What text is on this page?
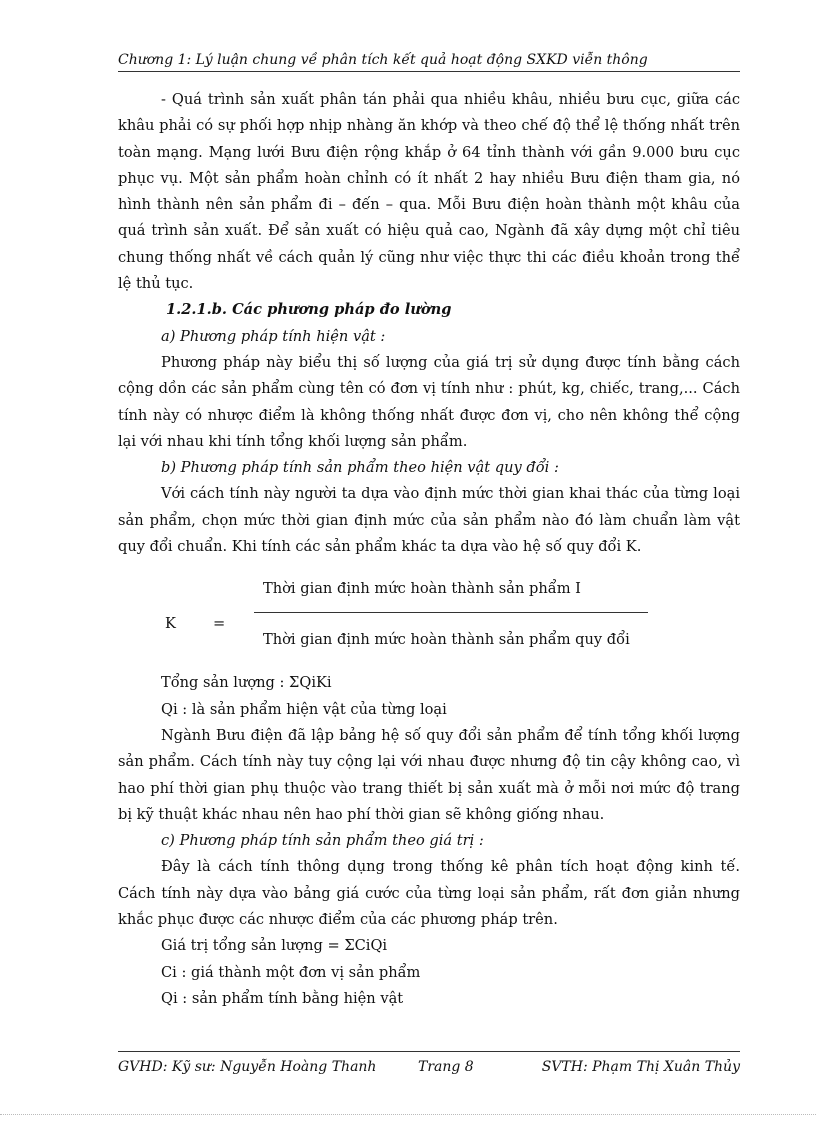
Chương 1: Lý luận chung về phân tích kết quả hoạt động SXKD viễn thông

- Quá trình sản xuất phân tán phải qua nhiều khâu, nhiều bưu cục, giữa các khâu phải có sự phối hợp nhịp nhàng ăn khớp và theo chế độ thể lệ thống nhất trên toàn mạng. Mạng lưới Bưu điện rộng khắp ở 64 tỉnh thành với gần 9.000 bưu cục phục vụ. Một sản phẩm hoàn chỉnh có ít nhất 2 hay nhiều Bưu điện tham gia, nó hình thành nên sản phẩm đi – đến – qua. Mỗi Bưu điện hoàn thành một khâu của quá trình sản xuất. Để sản xuất có hiệu quả cao, Ngành đã xây dựng một chỉ tiêu chung thống nhất về cách quản lý cũng như việc thực thi các điều khoản trong thể lệ thủ tục.

1.2.1.b. Các phương pháp đo lường

a) Phương pháp tính hiện vật :

Phương pháp này biểu thị số lượng của giá trị sử dụng được tính bằng cách cộng dồn các sản phẩm cùng tên có đơn vị tính như : phút, kg, chiếc, trang,... Cách tính này có nhược điểm là không thống nhất được đơn vị, cho nên không thể cộng lại với nhau khi tính tổng khối lượng sản phẩm.

b) Phương pháp tính sản phẩm theo hiện vật quy đổi :

Với cách tính này người ta dựa vào định mức thời gian khai thác của từng loại sản phẩm, chọn mức thời gian định mức của sản phẩm nào đó làm chuẩn làm vật quy đổi chuẩn. Khi tính các sản phẩm khác ta dựa vào hệ số quy đổi K.

K	=
Thời gian định mức hoàn thành sản phẩm I
Thời gian định mức hoàn thành sản phẩm quy đổi

Tổng sản lượng : ΣQiKi

Qi : là sản phẩm hiện vật của từng loại

Ngành Bưu điện đã lập bảng hệ số quy đổi sản phẩm để tính tổng khối lượng sản phẩm. Cách tính này tuy cộng lại với nhau được nhưng độ tin cậy không cao, vì hao phí thời gian phụ thuộc vào trang thiết bị sản xuất mà ở mỗi nơi mức độ trang bị kỹ thuật khác nhau nên hao phí thời gian sẽ không giống nhau.

c) Phương pháp tính sản phẩm theo giá trị :

Đây là cách tính thông dụng trong thống kê phân tích hoạt động kinh tế. Cách tính này dựa vào bảng giá cước của từng loại sản phẩm, rất đơn giản nhưng khắc phục được các nhược điểm của các phương pháp trên.

Giá trị tổng sản lượng = ΣCiQi

Ci : giá thành một đơn vị sản phẩm

Qi : sản phẩm tính bằng hiện vật

GVHD: Kỹ sư: Nguyễn Hoàng Thanh	Trang 8	SVTH: Phạm Thị Xuân Thủy
